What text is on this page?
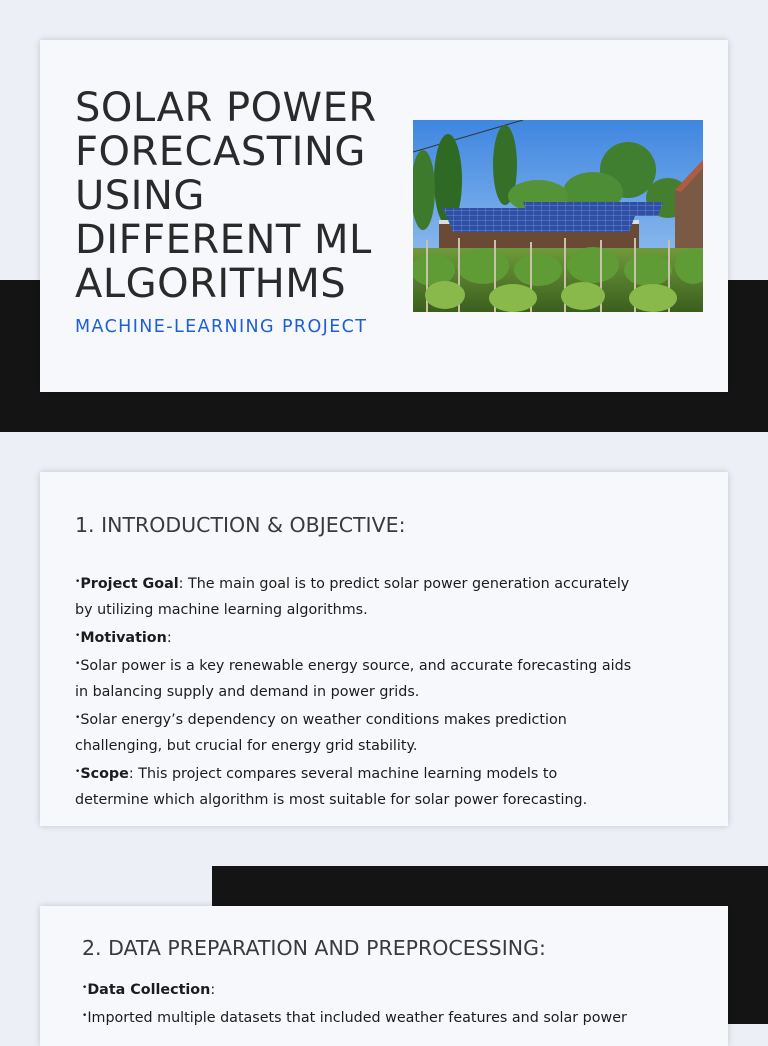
SOLAR POWER
FORECASTING
USING
DIFFERENT ML
ALGORITHMS
MACHINE-LEARNING PROJECT
1. INTRODUCTION & OBJECTIVE:

•Project Goal: The main goal is to predict solar power generation accurately by utilizing machine learning algorithms.

•Motivation:

•Solar power is a key renewable energy source, and accurate forecasting aids in balancing supply and demand in power grids.

•Solar energy’s dependency on weather conditions makes prediction challenging, but crucial for energy grid stability.

•Scope: This project compares several machine learning models to determine which algorithm is most suitable for solar power forecasting.

2. DATA PREPARATION AND PREPROCESSING:

•Data Collection:

•Imported multiple datasets that included weather features and solar power
